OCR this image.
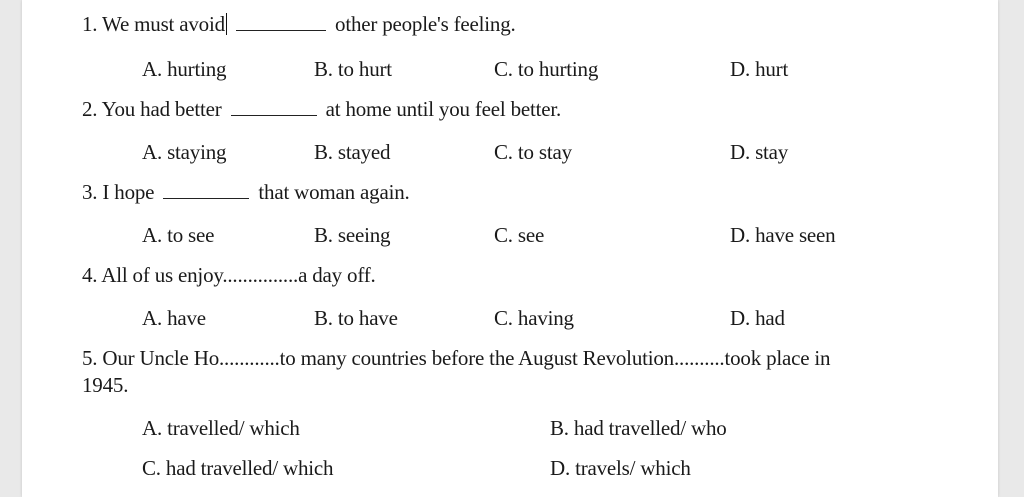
1. We must avoid	other people's feeling.
A. hurting	B. to hurt	C. to hurting	D. hurt
2. You had better	at home until you feel better.
A. staying	B. stayed	C. to stay	D. stay
3. I hope	that woman again.
A. to see	B. seeing	C. see	D. have seen
4. All of us enjoy...............a day off.
A. have	B. to have	C. having	D. had
5. Our Uncle Ho............to many countries before the August Revolution..........took place in
1945.
A. travelled/ which	B. had travelled/ who
C. had travelled/ which	D. travels/ which
